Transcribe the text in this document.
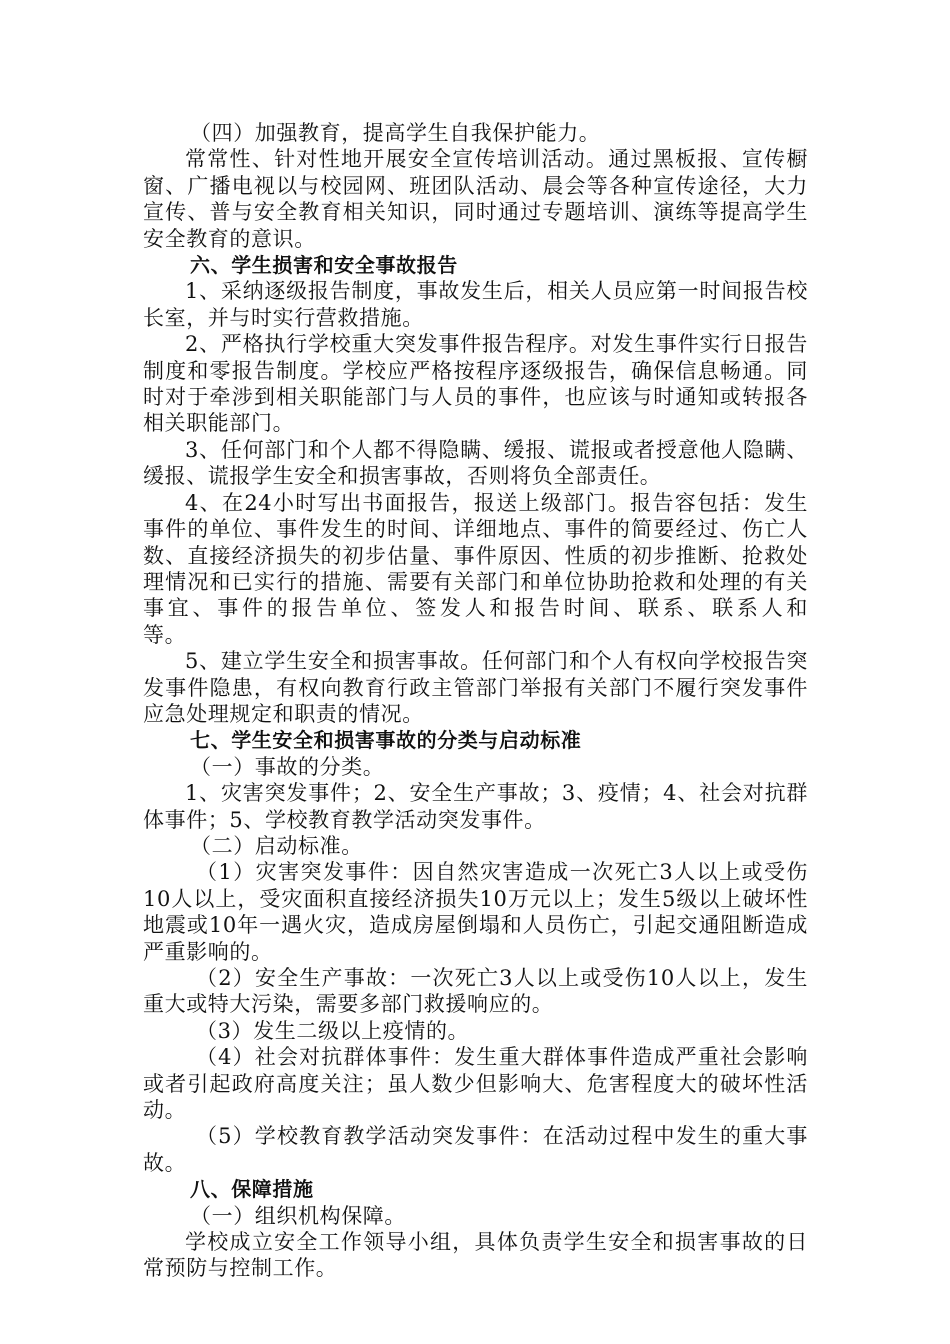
（四）加强教育，提高学生自我保护能力。

常常性、针对性地开展安全宣传培训活动。通过黑板报、宣传橱窗、广播电视以与校园网、班团队活动、晨会等各种宣传途径，大力宣传、普与安全教育相关知识，同时通过专题培训、演练等提高学生安全教育的意识。

六、学生损害和安全事故报告

1、采纳逐级报告制度，事故发生后，相关人员应第一时间报告校长室，并与时实行营救措施。

2、严格执行学校重大突发事件报告程序。对发生事件实行日报告制度和零报告制度。学校应严格按程序逐级报告，确保信息畅通。同时对于牵涉到相关职能部门与人员的事件，也应该与时通知或转报各相关职能部门。

3、任何部门和个人都不得隐瞒、缓报、谎报或者授意他人隐瞒、缓报、谎报学生安全和损害事故，否则将负全部责任。

4、在24小时写出书面报告，报送上级部门。报告容包括：发生事件的单位、事件发生的时间、详细地点、事件的简要经过、伤亡人数、直接经济损失的初步估量、事件原因、性质的初步推断、抢救处理情况和已实行的措施、需要有关部门和单位协助抢救和处理的有关事宜、事件的报告单位、签发人和报告时间、联系、联系人和　　　等。

5、建立学生安全和损害事故。任何部门和个人有权向学校报告突发事件隐患，有权向教育行政主管部门举报有关部门不履行突发事件应急处理规定和职责的情况。

七、学生安全和损害事故的分类与启动标准

（一）事故的分类。

1、灾害突发事件；2、安全生产事故；3、疫情；4、社会对抗群体事件；5、学校教育教学活动突发事件。

（二）启动标准。

（1）灾害突发事件：因自然灾害造成一次死亡3人以上或受伤10人以上，受灾面积直接经济损失10万元以上；发生5级以上破坏性地震或10年一遇火灾，造成房屋倒塌和人员伤亡，引起交通阻断造成严重影响的。

（2）安全生产事故：一次死亡3人以上或受伤10人以上，发生重大或特大污染，需要多部门救援响应的。

（3）发生二级以上疫情的。

（4）社会对抗群体事件：发生重大群体事件造成严重社会影响或者引起政府高度关注；虽人数少但影响大、危害程度大的破坏性活动。

（5）学校教育教学活动突发事件：在活动过程中发生的重大事故。

八、保障措施

（一）组织机构保障。

学校成立安全工作领导小组，具体负责学生安全和损害事故的日常预防与控制工作。
